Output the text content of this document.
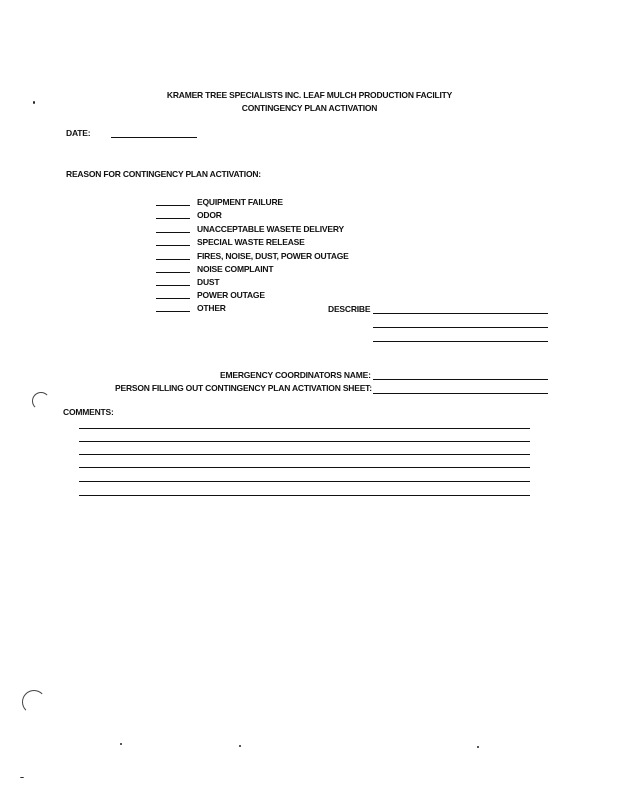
KRAMER TREE SPECIALISTS INC. LEAF MULCH PRODUCTION FACILITY
CONTINGENCY PLAN ACTIVATION
DATE:
REASON FOR CONTINGENCY PLAN ACTIVATION:
EQUIPMENT FAILURE
ODOR
UNACCEPTABLE WASETE DELIVERY
SPECIAL WASTE RELEASE
FIRES, NOISE, DUST, POWER OUTAGE
NOISE COMPLAINT
DUST
POWER OUTAGE
OTHER	DESCRIBE
EMERGENCY COORDINATORS NAME:
PERSON FILLING OUT CONTINGENCY PLAN ACTIVATION SHEET:
COMMENTS:
